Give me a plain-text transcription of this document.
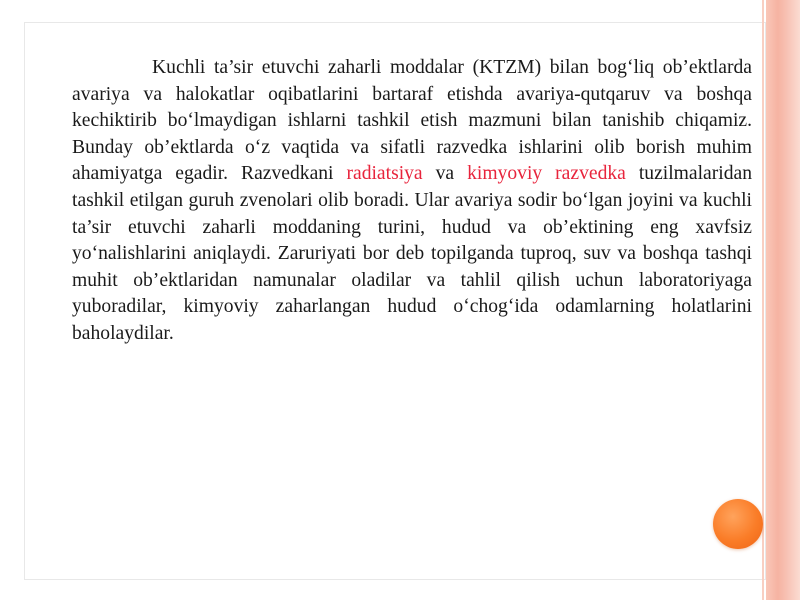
Kuchli ta’sir etuvchi zaharli moddalar (KTZM) bilan bog‘liq ob’ektlarda avariya va halokatlar oqibatlarini bartaraf etishda avariya-qutqaruv va boshqa kechiktirib bo‘lmaydigan ishlarni tashkil etish mazmuni bilan tanishib chiqamiz. Bunday ob’ektlarda o‘z vaqtida va sifatli razvedka ishlarini olib borish muhim ahamiyatga egadir. Razvedkani radiatsiya va kimyoviy razvedka tuzilmalaridan tashkil etilgan guruh zvenolari olib boradi. Ular avariya sodir bo‘lgan joyini va kuchli ta’sir etuvchi zaharli moddaning turini, hudud va ob’ektining eng xavfsiz yo‘nalishlarini aniqlaydi. Zaruriyati bor deb topilganda tuproq, suv va boshqa tashqi muhit ob’ektlaridan namunalar oladilar va tahlil qilish uchun laboratoriyaga yuboradilar, kimyoviy zaharlangan hudud o‘chog‘ida odamlarning holatlarini baholaydilar.
